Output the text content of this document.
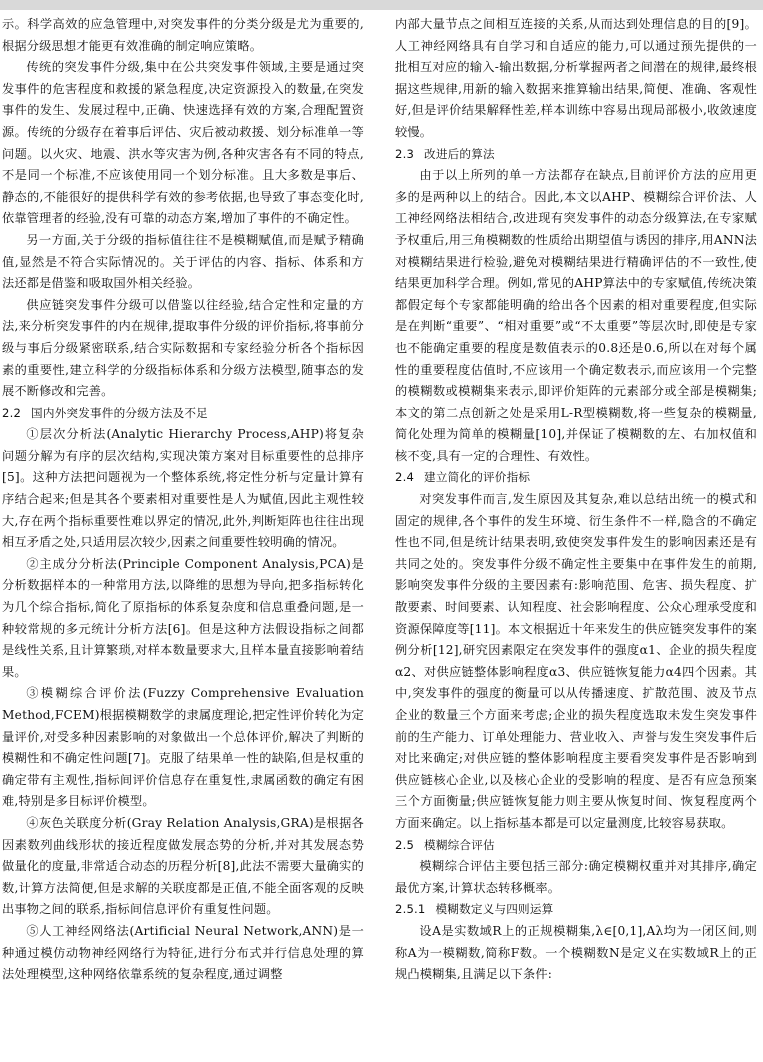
示。科学高效的应急管理中,对突发事件的分类分级是尤为重要的,根据分级思想才能更有效准确的制定响应策略。

传统的突发事件分级,集中在公共突发事件领域,主要是通过突发事件的危害程度和救援的紧急程度,决定资源投入的数量,在突发事件的发生、发展过程中,正确、快速选择有效的方案,合理配置资源。传统的分级存在着事后评估、灾后被动救援、划分标准单一等问题。以火灾、地震、洪水等灾害为例,各种灾害各有不同的特点,不是同一个标准,不应该使用同一个划分标准。且大多数是事后、静态的,不能很好的提供科学有效的参考依据,也导致了事态变化时,依靠管理者的经验,没有可靠的动态方案,增加了事件的不确定性。

另一方面,关于分级的指标值往往不是模糊赋值,而是赋予精确值,显然是不符合实际情况的。关于评估的内容、指标、体系和方法还都是借鉴和吸取国外相关经验。

供应链突发事件分级可以借鉴以往经验,结合定性和定量的方法,来分析突发事件的内在规律,提取事件分级的评价指标,将事前分级与事后分级紧密联系,结合实际数据和专家经验分析各个指标因素的重要性,建立科学的分级指标体系和分级方法模型,随事态的发展不断修改和完善。

2.2 国内外突发事件的分级方法及不足

①层次分析法(Analytic Hierarchy Process,AHP)将复杂问题分解为有序的层次结构,实现决策方案对目标重要性的总排序[5]。这种方法把问题视为一个整体系统,将定性分析与定量计算有序结合起来;但是其各个要素相对重要性是人为赋值,因此主观性较大,存在两个指标重要性难以界定的情况,此外,判断矩阵也往往出现相互矛盾之处,只适用层次较少,因素之间重要性较明确的情况。

②主成分分析法(Principle Component Analysis,PCA)是分析数据样本的一种常用方法,以降维的思想为导向,把多指标转化为几个综合指标,简化了原指标的体系复杂度和信息重叠问题,是一种较常规的多元统计分析方法[6]。但是这种方法假设指标之间都是线性关系,且计算繁琐,对样本数量要求大,且样本量直接影响着结果。

③模糊综合评价法(Fuzzy Comprehensive Evaluation Method,FCEM)根据模糊数学的隶属度理论,把定性评价转化为定量评价,对受多种因素影响的对象做出一个总体评价,解决了判断的模糊性和不确定性问题[7]。克服了结果单一性的缺陷,但是权重的确定带有主观性,指标间评价信息存在重复性,隶属函数的确定有困难,特别是多目标评价模型。

④灰色关联度分析(Gray Relation Analysis,GRA)是根据各因素数列曲线形状的接近程度做发展态势的分析,并对其发展态势做量化的度量,非常适合动态的历程分析[8],此法不需要大量确实的数,计算方法简便,但是求解的关联度都是正值,不能全面客观的反映出事物之间的联系,指标间信息评价有重复性问题。

⑤人工神经网络法(Artificial Neural Network,ANN)是一种通过模仿动物神经网络行为特征,进行分布式并行信息处理的算法处理模型,这种网络依靠系统的复杂程度,通过调整

内部大量节点之间相互连接的关系,从而达到处理信息的目的[9]。人工神经网络具有自学习和自适应的能力,可以通过预先提供的一批相互对应的输入-输出数据,分析掌握两者之间潜在的规律,最终根据这些规律,用新的输入数据来推算输出结果,简便、准确、客观性好,但是评价结果解释性差,样本训练中容易出现局部极小,收敛速度较慢。

2.3 改进后的算法

由于以上所列的单一方法都存在缺点,目前评价方法的应用更多的是两种以上的结合。因此,本文以AHP、模糊综合评价法、人工神经网络法相结合,改进现有突发事件的动态分级算法,在专家赋予权重后,用三角模糊数的性质给出期望值与诱因的排序,用ANN法对模糊结果进行检验,避免对模糊结果进行精确评估的不一致性,使结果更加科学合理。例如,常见的AHP算法中的专家赋值,传统决策都假定每个专家都能明确的给出各个因素的相对重要程度,但实际是在判断“重要”、“相对重要”或“不太重要”等层次时,即使是专家也不能确定重要的程度是数值表示的0.8还是0.6,所以在对每个属性的重要程度估值时,不应该用一个确定数表示,而应该用一个完整的模糊数或模糊集来表示,即评价矩阵的元素部分或全部是模糊集;本文的第二点创新之处是采用L-R型模糊数,将一些复杂的模糊量,简化处理为简单的模糊量[10],并保证了模糊数的左、右加权值和核不变,具有一定的合理性、有效性。

2.4 建立简化的评价指标

对突发事件而言,发生原因及其复杂,难以总结出统一的模式和固定的规律,各个事件的发生环境、衍生条件不一样,隐含的不确定性也不同,但是统计结果表明,致使突发事件发生的影响因素还是有共同之处的。突发事件分级不确定性主要集中在事件发生的前期,影响突发事件分级的主要因素有:影响范围、危害、损失程度、扩散要素、时间要素、认知程度、社会影响程度、公众心理承受度和资源保障度等[11]。本文根据近十年来发生的供应链突发事件的案例分析[12],研究因素限定在突发事件的强度α1、企业的损失程度α2、对供应链整体影响程度α3、供应链恢复能力α4四个因素。其中,突发事件的强度的衡量可以从传播速度、扩散范围、波及节点企业的数量三个方面来考虑;企业的损失程度选取未发生突发事件前的生产能力、订单处理能力、营业收入、声誉与发生突发事件后对比来确定;对供应链的整体影响程度主要看突发事件是否影响到供应链核心企业,以及核心企业的受影响的程度、是否有应急预案三个方面衡量;供应链恢复能力则主要从恢复时间、恢复程度两个方面来确定。以上指标基本都是可以定量测度,比较容易获取。

2.5 模糊综合评估

模糊综合评估主要包括三部分:确定模糊权重并对其排序,确定最优方案,计算状态转移概率。

2.5.1 模糊数定义与四则运算

设A是实数域R上的正规模糊集,λ∈[0,1],Aλ均为一闭区间,则称A为一模糊数,简称F数。一个模糊数N是定义在实数域R上的正规凸模糊集,且满足以下条件:
